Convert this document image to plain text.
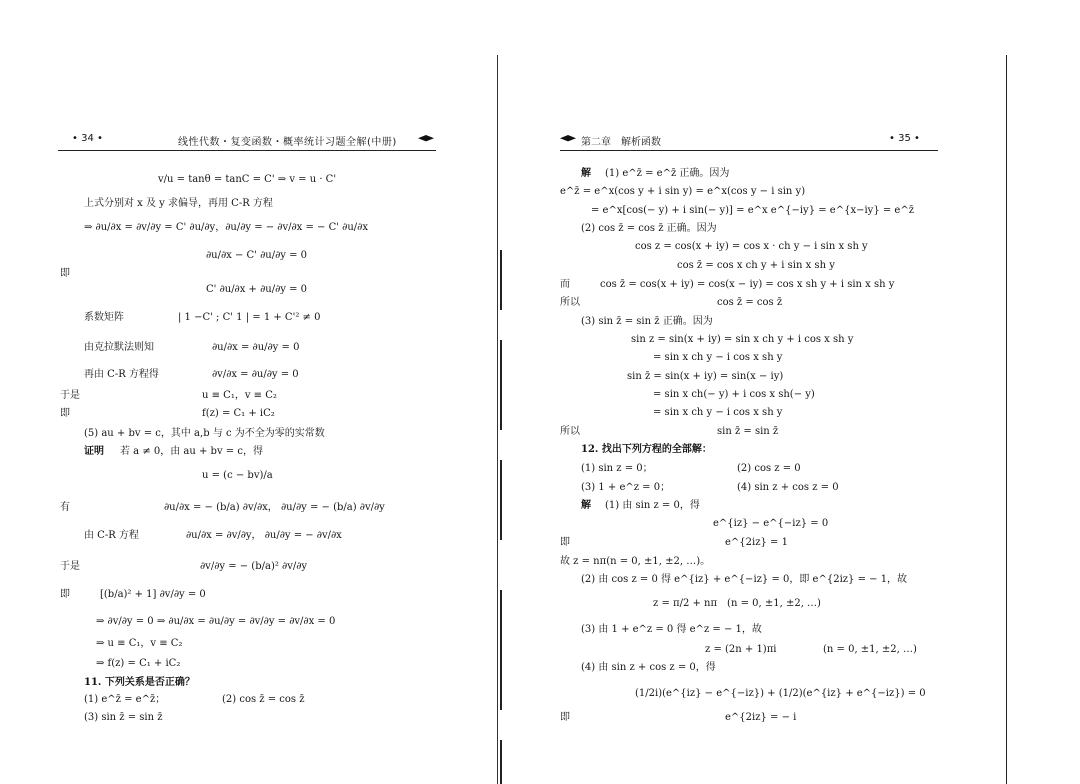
• 34 •	线性代数・复变函数・概率统计习题全解(中册)
v/u = tanθ = tanC = C' ⇒ v = u · C'
上式分别对 x 及 y 求偏导，再用 C-R 方程
⇒ ∂u/∂x = ∂v/∂y = C' ∂u/∂y，∂u/∂y = − ∂v/∂x = − C' ∂u/∂x
∂u/∂x − C' ∂u/∂y = 0
即
C' ∂u/∂x + ∂u/∂y = 0
系数矩阵	| 1 −C' ; C' 1 | = 1 + C'² ≠ 0
由克拉默法则知	∂u/∂x = ∂u/∂y = 0
再由 C-R 方程得	∂v/∂x = ∂u/∂y = 0
于是	u ≡ C₁，v ≡ C₂
即	f(z) = C₁ + iC₂
(5) au + bv = c，其中 a,b 与 c 为不全为零的实常数
证明 若 a ≠ 0，由 au + bv = c，得
u = (c − bv)/a
有	∂u/∂x = − (b/a) ∂v/∂x， ∂u/∂y = − (b/a) ∂v/∂y
由 C-R 方程	∂u/∂x = ∂v/∂y， ∂u/∂y = − ∂v/∂x
于是	∂v/∂y = − (b/a)² ∂v/∂y
即	[(b/a)² + 1] ∂v/∂y = 0
⇒ ∂v/∂y = 0 ⇒ ∂u/∂x = ∂u/∂y = ∂v/∂y = ∂v/∂x = 0
⇒ u ≡ C₁，v ≡ C₂
⇒ f(z) = C₁ + iC₂
11. 下列关系是否正确？
(1) e^z̄ = e^z̄；	(2) cos z̄ = cos z̄
(3) sin z̄ = sin z̄
第二章　解析函数	• 35 •
解 (1) e^z̄ = e^z̄ 正确。因为
e^z̄ = e^x(cos y + i sin y) = e^x(cos y − i sin y)
= e^x[cos(− y) + i sin(− y)] = e^x e^{−iy} = e^{x−iy} = e^z̄
(2) cos z̄ = cos z̄ 正确。因为
cos z = cos(x + iy) = cos x · ch y − i sin x sh y
cos z̄ = cos x ch y + i sin x sh y
而	cos z̄ = cos(x + iy) = cos(x − iy) = cos x sh y + i sin x sh y
所以	cos z̄ = cos z̄
(3) sin z̄ = sin z̄ 正确。因为
sin z = sin(x + iy) = sin x ch y + i cos x sh y
= sin x ch y − i cos x sh y
sin z̄ = sin(x + iy) = sin(x − iy)
= sin x ch(− y) + i cos x sh(− y)
= sin x ch y − i cos x sh y
所以	sin z̄ = sin z̄
12. 找出下列方程的全部解：
(1) sin z = 0；	(2) cos z = 0
(3) 1 + e^z = 0；	(4) sin z + cos z = 0
解 (1) 由 sin z = 0，得
e^{iz} − e^{−iz} = 0
即	e^{2iz} = 1
故 z = nπ(n = 0, ±1, ±2, …)。
(2) 由 cos z = 0 得 e^{iz} + e^{−iz} = 0，即 e^{2iz} = − 1，故
z = π/2 + nπ　(n = 0, ±1, ±2, …)
(3) 由 1 + e^z = 0 得 e^z = − 1，故
z = (2n + 1)πi	(n = 0, ±1, ±2, …)
(4) 由 sin z + cos z = 0，得
(1/2i)(e^{iz} − e^{−iz}) + (1/2)(e^{iz} + e^{−iz}) = 0
即	e^{2iz} = − i
